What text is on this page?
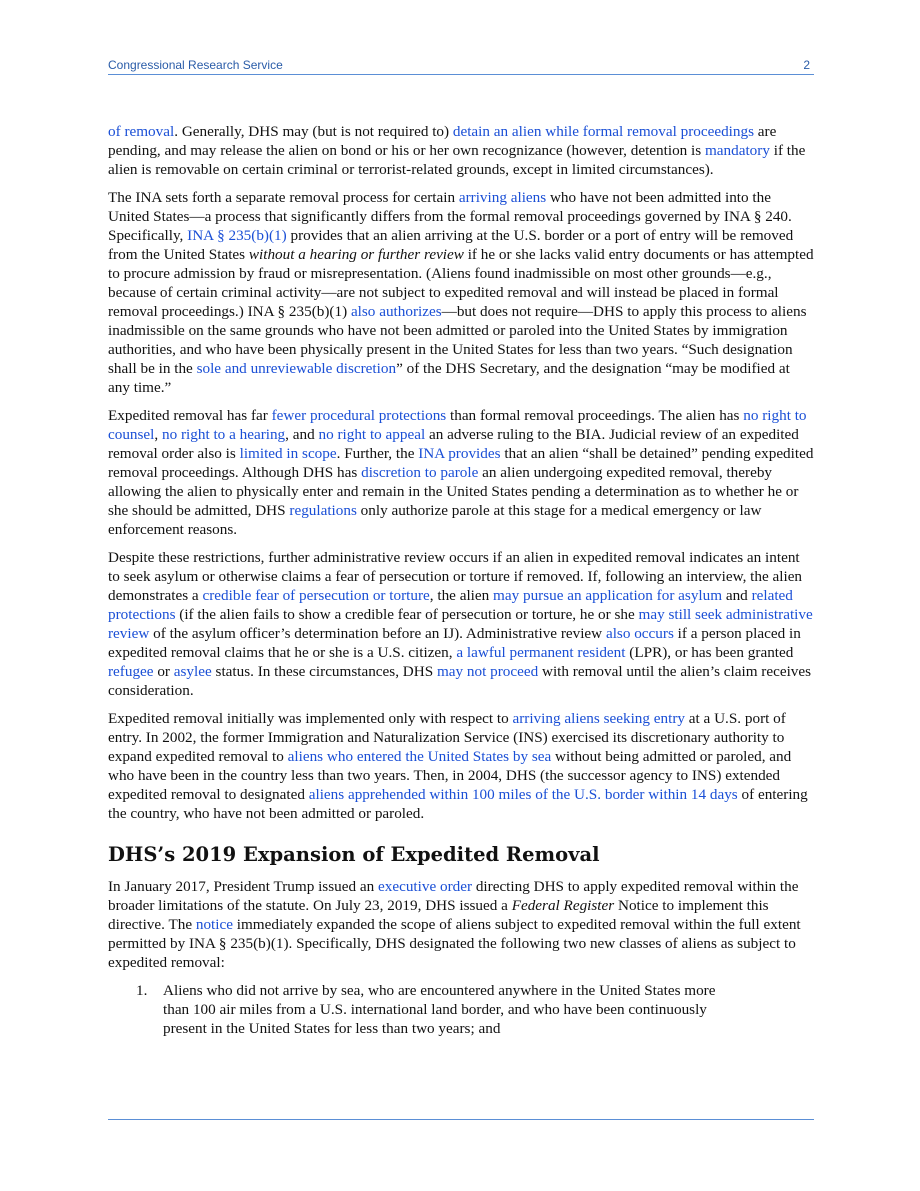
Congressional Research Service	2

of removal. Generally, DHS may (but is not required to) detain an alien while formal removal proceedings are pending, and may release the alien on bond or his or her own recognizance (however, detention is mandatory if the alien is removable on certain criminal or terrorist-related grounds, except in limited circumstances).

The INA sets forth a separate removal process for certain arriving aliens who have not been admitted into the United States—a process that significantly differs from the formal removal proceedings governed by INA § 240. Specifically, INA § 235(b)(1) provides that an alien arriving at the U.S. border or a port of entry will be removed from the United States without a hearing or further review if he or she lacks valid entry documents or has attempted to procure admission by fraud or misrepresentation. (Aliens found inadmissible on most other grounds—e.g., because of certain criminal activity—are not subject to expedited removal and will instead be placed in formal removal proceedings.) INA § 235(b)(1) also authorizes—but does not require—DHS to apply this process to aliens inadmissible on the same grounds who have not been admitted or paroled into the United States by immigration authorities, and who have been physically present in the United States for less than two years. “Such designation shall be in the sole and unreviewable discretion” of the DHS Secretary, and the designation “may be modified at any time.”

Expedited removal has far fewer procedural protections than formal removal proceedings. The alien has no right to counsel, no right to a hearing, and no right to appeal an adverse ruling to the BIA. Judicial review of an expedited removal order also is limited in scope. Further, the INA provides that an alien “shall be detained” pending expedited removal proceedings. Although DHS has discretion to parole an alien undergoing expedited removal, thereby allowing the alien to physically enter and remain in the United States pending a determination as to whether he or she should be admitted, DHS regulations only authorize parole at this stage for a medical emergency or law enforcement reasons.

Despite these restrictions, further administrative review occurs if an alien in expedited removal indicates an intent to seek asylum or otherwise claims a fear of persecution or torture if removed. If, following an interview, the alien demonstrates a credible fear of persecution or torture, the alien may pursue an application for asylum and related protections (if the alien fails to show a credible fear of persecution or torture, he or she may still seek administrative review of the asylum officer’s determination before an IJ). Administrative review also occurs if a person placed in expedited removal claims that he or she is a U.S. citizen, a lawful permanent resident (LPR), or has been granted refugee or asylee status. In these circumstances, DHS may not proceed with removal until the alien’s claim receives consideration.

Expedited removal initially was implemented only with respect to arriving aliens seeking entry at a U.S. port of entry. In 2002, the former Immigration and Naturalization Service (INS) exercised its discretionary authority to expand expedited removal to aliens who entered the United States by sea without being admitted or paroled, and who have been in the country less than two years. Then, in 2004, DHS (the successor agency to INS) extended expedited removal to designated aliens apprehended within 100 miles of the U.S. border within 14 days of entering the country, who have not been admitted or paroled.

DHS’s 2019 Expansion of Expedited Removal

In January 2017, President Trump issued an executive order directing DHS to apply expedited removal within the broader limitations of the statute. On July 23, 2019, DHS issued a Federal Register Notice to implement this directive. The notice immediately expanded the scope of aliens subject to expedited removal within the full extent permitted by INA § 235(b)(1). Specifically, DHS designated the following two new classes of aliens as subject to expedited removal:

1. Aliens who did not arrive by sea, who are encountered anywhere in the United States more than 100 air miles from a U.S. international land border, and who have been continuously present in the United States for less than two years; and
